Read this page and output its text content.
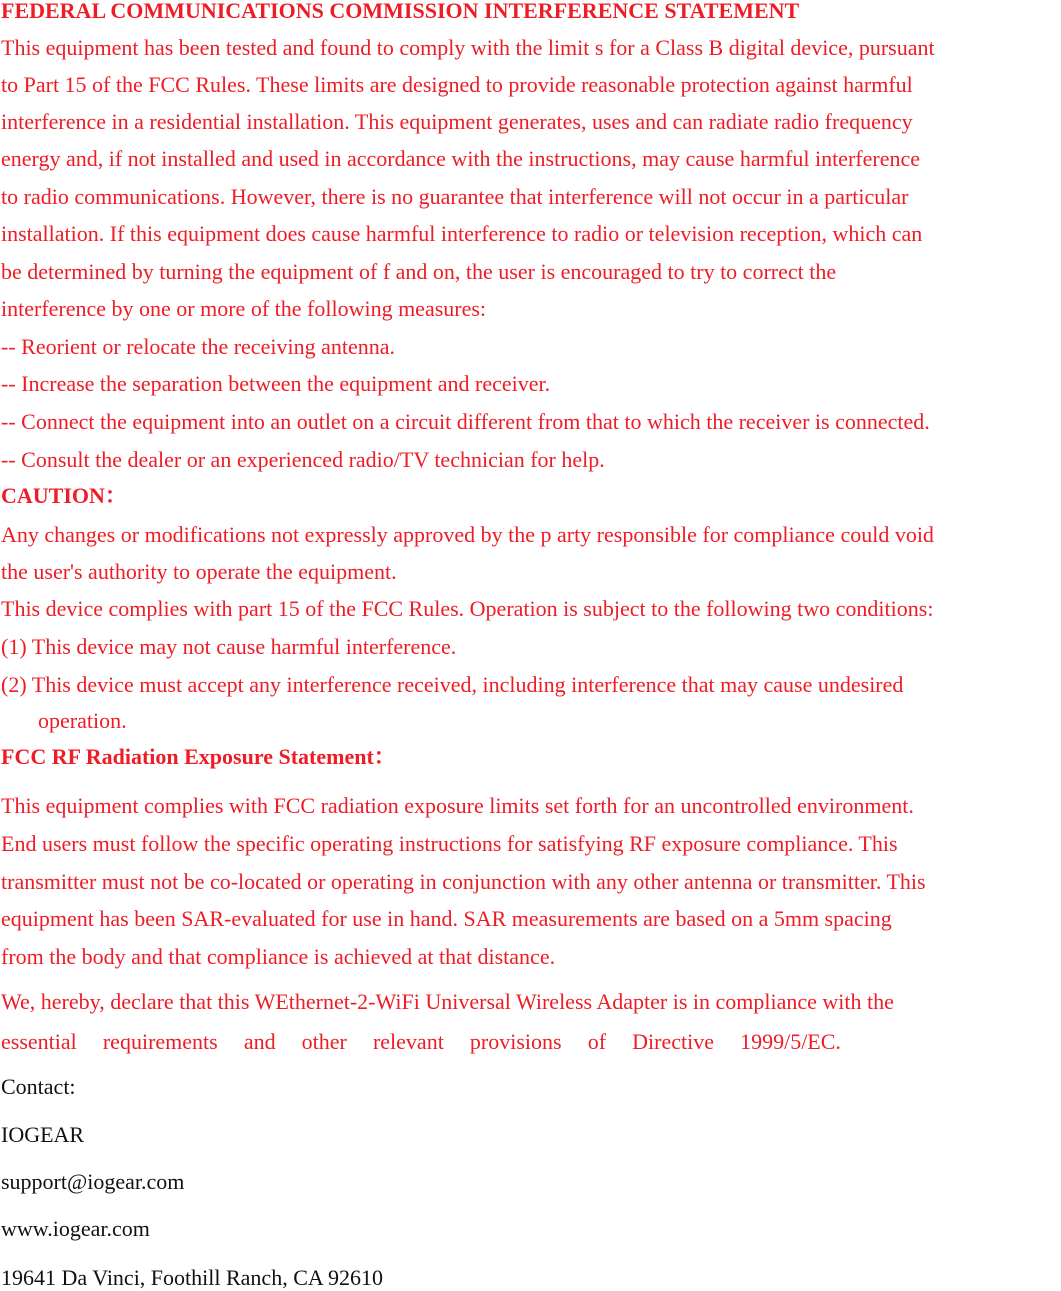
FEDERAL COMMUNICATIONS COMMISSION INTERFERENCE STATEMENT
This equipment has been tested and found to comply with the limit s for a Class B digital device, pursuant
to Part 15 of the FCC Rules. These limits are designed to provide reasonable protection against harmful
interference in a residential installation. This equipment generates, uses and can radiate radio frequency
energy and, if not installed and used in accordance with the instructions, may cause harmful interference
to radio communications. However, there is no guarantee that interference will not occur in a particular
installation. If this equipment does cause harmful interference to radio or television reception, which can
be determined by turning the equipment of f and on, the user is encouraged to try to correct the
interference by one or more of the following measures:
-- Reorient or relocate the receiving antenna.
-- Increase the separation between the equipment and receiver.
-- Connect the equipment into an outlet on a circuit different from that to which the receiver is connected.
-- Consult the dealer or an experienced radio/TV technician for help.
CAUTION：
Any changes or modifications not expressly approved by the p arty responsible for compliance could void
the user's authority to operate the equipment.
This device complies with part 15 of the FCC Rules. Operation is subject to the following two conditions:
(1) This device may not cause harmful interference.
(2) This device must accept any interference received, including interference that may cause undesired
operation.
FCC RF Radiation Exposure Statement：
This equipment complies with FCC radiation exposure limits set forth for an uncontrolled environment.
End users must follow the specific operating instructions for satisfying RF exposure compliance. This
transmitter must not be co-located or operating in conjunction with any other antenna or transmitter. This
equipment has been SAR-evaluated for use in hand. SAR measurements are based on a 5mm spacing
from the body and that compliance is achieved at that distance.
We, hereby, declare that this WEthernet-2-WiFi Universal Wireless Adapter is in compliance with the
essential requirements and other relevant provisions of Directive 1999/5/EC.
Contact:
IOGEAR
support@iogear.com
www.iogear.com
19641 Da Vinci, Foothill Ranch, CA 92610
